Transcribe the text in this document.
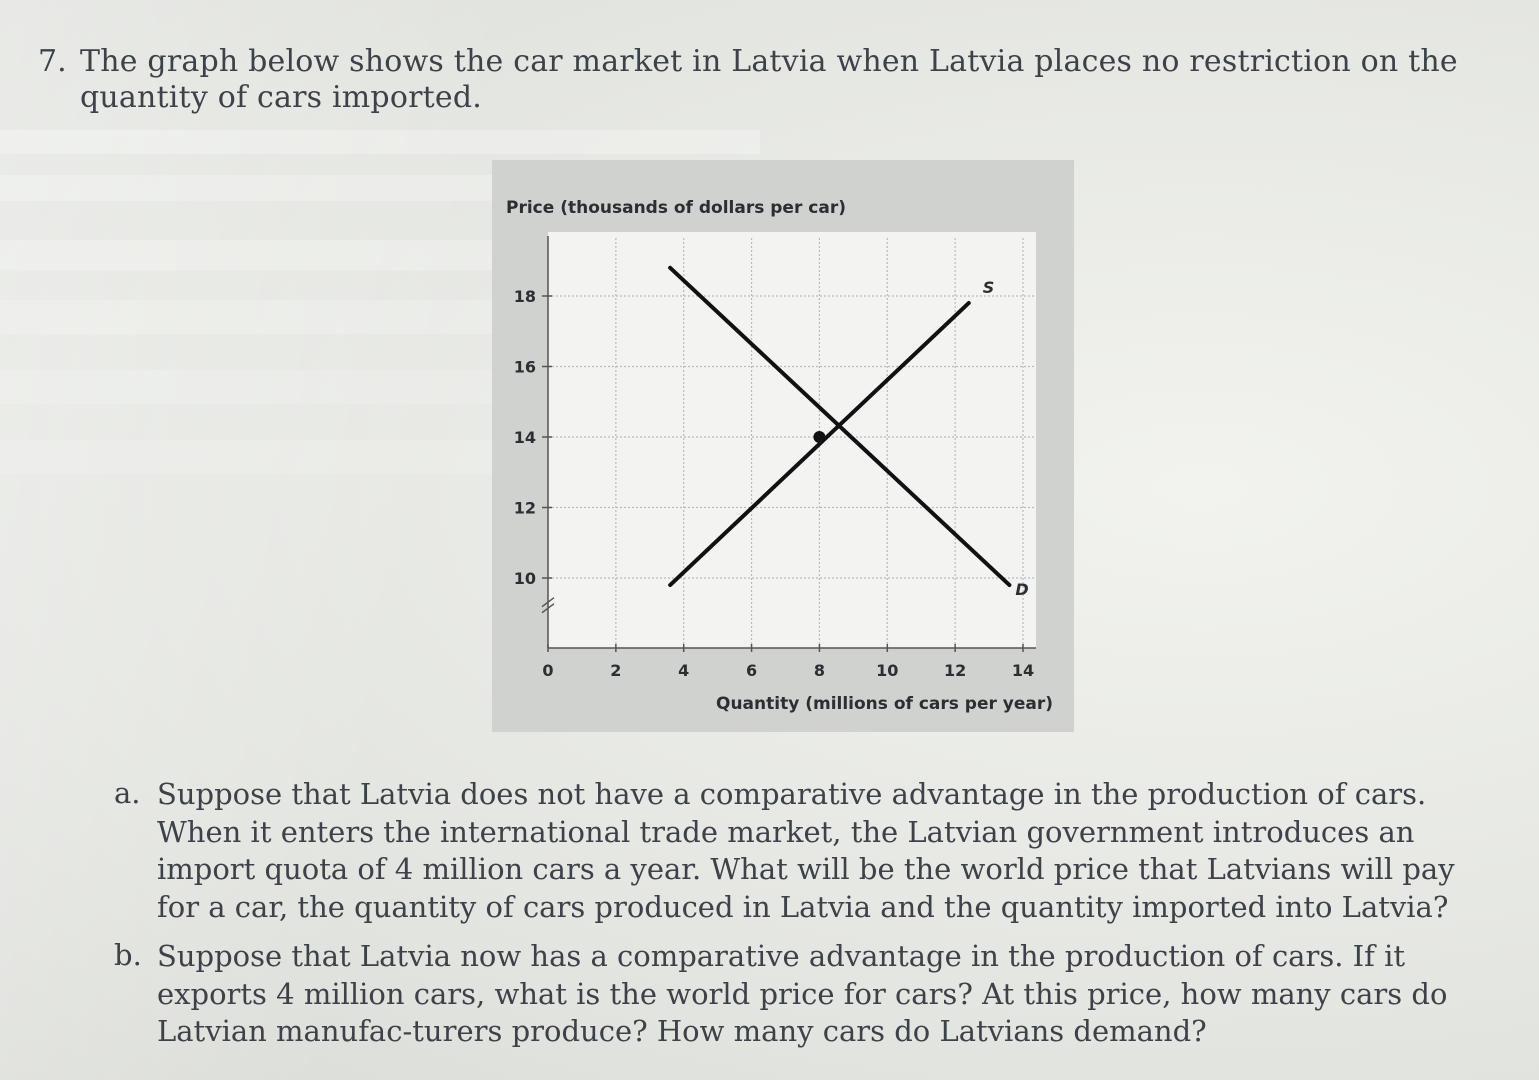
7. The graph below shows the car market in Latvia when Latvia places no restriction on the quantity of cars imported.
Price (thousands of dollars per car)
0	2	4	6	8	10	12	14
10
12
14
16
18	S
D
Quantity (millions of cars per year)
a. Suppose that Latvia does not have a comparative advantage in the production of cars. When it enters the international trade market, the Latvian government introduces an import quota of 4 million cars a year. What will be the world price that Latvians will pay for a car, the quantity of cars produced in Latvia and the quantity imported into Latvia?
b. Suppose that Latvia now has a comparative advantage in the production of cars. If it exports 4 million cars, what is the world price for cars? At this price, how many cars do Latvian manufac-turers produce? How many cars do Latvians demand?
